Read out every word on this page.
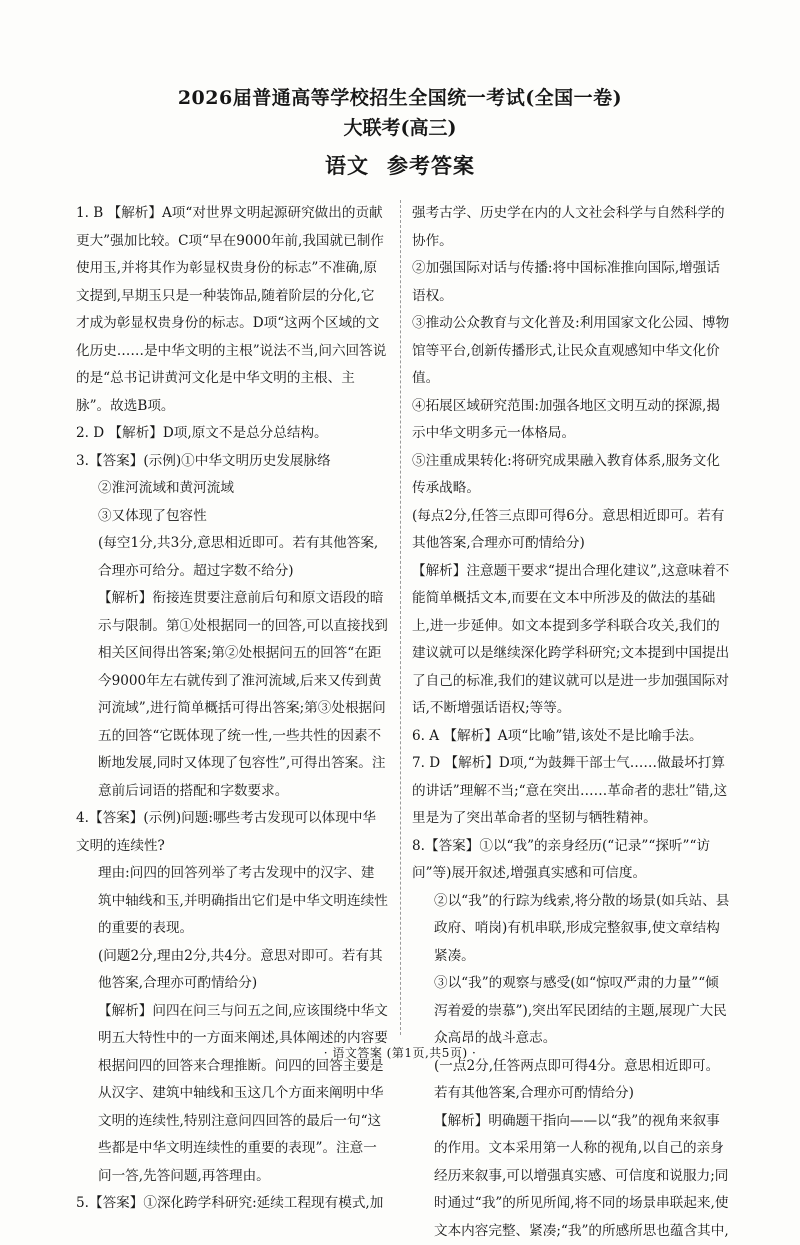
2026届普通高等学校招生全国统一考试(全国一卷)
大联考(高三)
语文 参考答案

1. B 【解析】A项“对世界文明起源研究做出的贡献更大”强加比较。C项“早在9000年前,我国就已制作使用玉,并将其作为彰显权贵身份的标志”不准确,原文提到,早期玉只是一种装饰品,随着阶层的分化,它才成为彰显权贵身份的标志。D项“这两个区域的文化历史……是中华文明的主根”说法不当,问六回答说的是“总书记讲黄河文化是中华文明的主根、主脉”。故选B项。

2. D 【解析】D项,原文不是总分总结构。

3.【答案】(示例)①中华文明历史发展脉络

②淮河流域和黄河流域

③又体现了包容性

(每空1分,共3分,意思相近即可。若有其他答案,合理亦可给分。超过字数不给分)

【解析】衔接连贯要注意前后句和原文语段的暗示与限制。第①处根据同一的回答,可以直接找到相关区间得出答案;第②处根据问五的回答“在距今9000年左右就传到了淮河流域,后来又传到黄河流域”,进行简单概括可得出答案;第③处根据问五的回答“它既体现了统一性,一些共性的因素不断地发展,同时又体现了包容性”,可得出答案。注意前后词语的搭配和字数要求。

4.【答案】(示例)问题:哪些考古发现可以体现中华文明的连续性?

理由:问四的回答列举了考古发现中的汉字、建筑中轴线和玉,并明确指出它们是中华文明连续性的重要的表现。

(问题2分,理由2分,共4分。意思对即可。若有其他答案,合理亦可酌情给分)

【解析】问四在问三与问五之间,应该围绕中华文明五大特性中的一方面来阐述,具体阐述的内容要根据问四的回答来合理推断。问四的回答主要是从汉字、建筑中轴线和玉这几个方面来阐明中华文明的连续性,特别注意问四回答的最后一句“这些都是中华文明连续性的重要的表现”。注意一问一答,先答问题,再答理由。

5.【答案】①深化跨学科研究:延续工程现有模式,加

强考古学、历史学在内的人文社会科学与自然科学的协作。

②加强国际对话与传播:将中国标准推向国际,增强话语权。

③推动公众教育与文化普及:利用国家文化公园、博物馆等平台,创新传播形式,让民众直观感知中华文化价值。

④拓展区域研究范围:加强各地区文明互动的探源,揭示中华文明多元一体格局。

⑤注重成果转化:将研究成果融入教育体系,服务文化传承战略。

(每点2分,任答三点即可得6分。意思相近即可。若有其他答案,合理亦可酌情给分)

【解析】注意题干要求“提出合理化建议”,这意味着不能简单概括文本,而要在文本中所涉及的做法的基础上,进一步延伸。如文本提到多学科联合攻关,我们的建议就可以是继续深化跨学科研究;文本提到中国提出了自己的标准,我们的建议就可以是进一步加强国际对话,不断增强话语权;等等。

6. A 【解析】A项“比喻”错,该处不是比喻手法。

7. D 【解析】D项,“为鼓舞干部士气……做最坏打算的讲话”理解不当;“意在突出……革命者的悲壮”错,这里是为了突出革命者的坚韧与牺牲精神。

8.【答案】①以“我”的亲身经历(“记录”“探听”“访问”等)展开叙述,增强真实感和可信度。

②以“我”的行踪为线索,将分散的场景(如兵站、县政府、哨岗)有机串联,形成完整叙事,使文章结构紧凑。

③以“我”的观察与感受(如“惊叹严肃的力量”“倾泻着爱的崇慕”),突出军民团结的主题,展现广大民众高昂的战斗意志。

(一点2分,任答两点即可得4分。意思相近即可。若有其他答案,合理亦可酌情给分)

【解析】明确题干指向——以“我”的视角来叙事的作用。文本采用第一人称的视角,以自己的亲身经历来叙事,可以增强真实感、可信度和说服力;同时通过“我”的所见所闻,将不同的场景串联起来,使文本内容完整、紧凑;“我”的所感所思也蕴含其中,

· 语文答案 (第1页,共5页) ·
